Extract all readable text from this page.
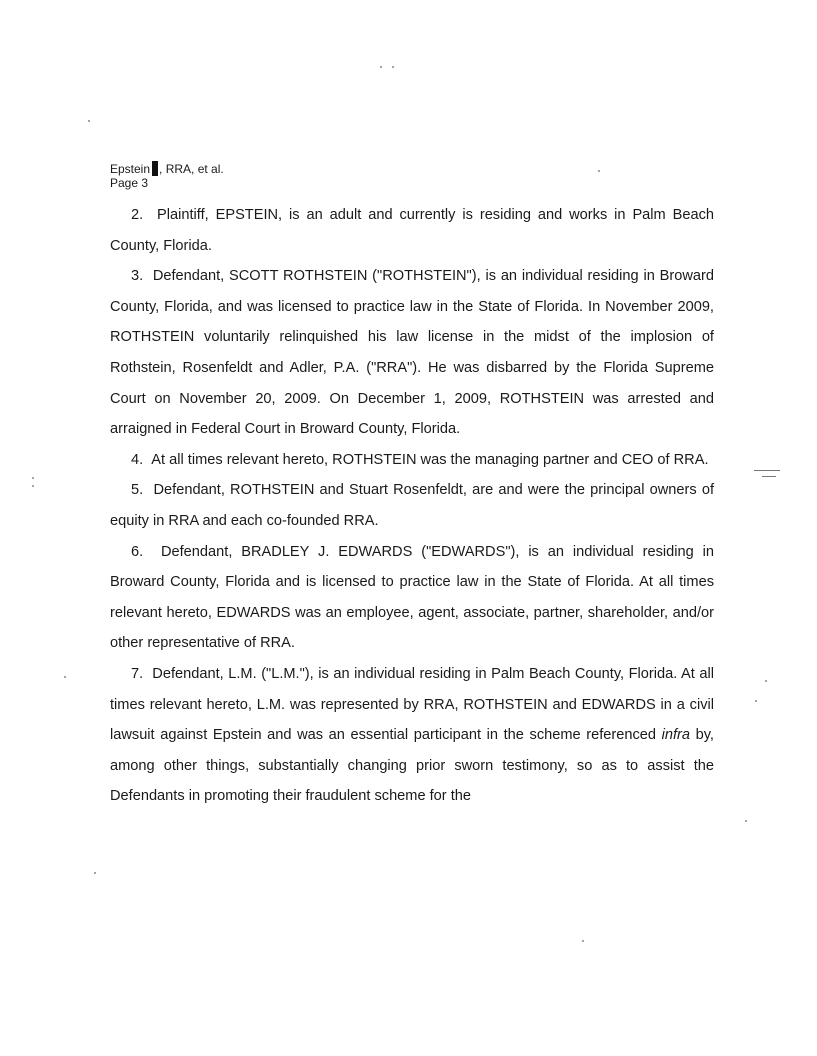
Epstein , RRA, et al.
Page 3

2. Plaintiff, EPSTEIN, is an adult and currently is residing and works in Palm Beach County, Florida.

3. Defendant, SCOTT ROTHSTEIN ("ROTHSTEIN"), is an individual residing in Broward County, Florida, and was licensed to practice law in the State of Florida. In November 2009, ROTHSTEIN voluntarily relinquished his law license in the midst of the implosion of Rothstein, Rosenfeldt and Adler, P.A. ("RRA"). He was disbarred by the Florida Supreme Court on November 20, 2009. On December 1, 2009, ROTHSTEIN was arrested and arraigned in Federal Court in Broward County, Florida.

4. At all times relevant hereto, ROTHSTEIN was the managing partner and CEO of RRA.

5. Defendant, ROTHSTEIN and Stuart Rosenfeldt, are and were the principal owners of equity in RRA and each co-founded RRA.

6. Defendant, BRADLEY J. EDWARDS ("EDWARDS"), is an individual residing in Broward County, Florida and is licensed to practice law in the State of Florida. At all times relevant hereto, EDWARDS was an employee, agent, associate, partner, shareholder, and/or other representative of RRA.

7. Defendant, L.M. ("L.M."), is an individual residing in Palm Beach County, Florida. At all times relevant hereto, L.M. was represented by RRA, ROTHSTEIN and EDWARDS in a civil lawsuit against Epstein and was an essential participant in the scheme referenced infra by, among other things, substantially changing prior sworn testimony, so as to assist the Defendants in promoting their fraudulent scheme for the
